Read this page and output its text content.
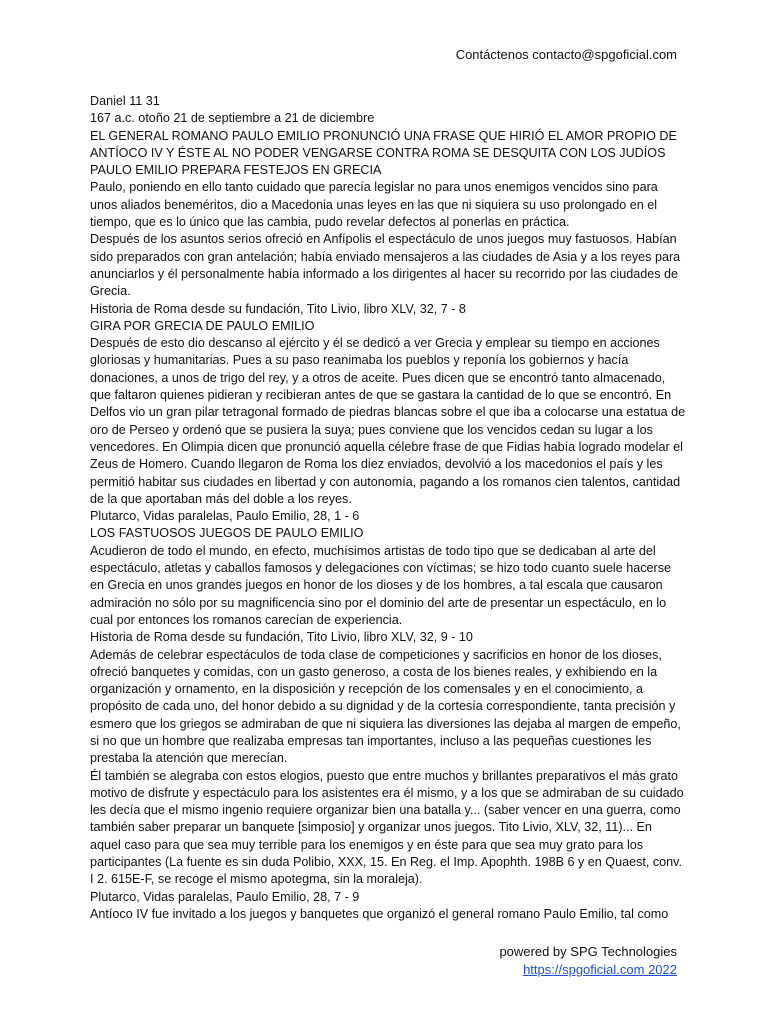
Contáctenos contacto@spgoficial.com

Daniel 11 31

167 a.c. otoño 21 de septiembre a 21 de diciembre

EL GENERAL ROMANO PAULO EMILIO PRONUNCIÓ UNA FRASE QUE HIRIÓ EL AMOR PROPIO DE ANTÍOCO IV Y ÉSTE AL NO PODER VENGARSE CONTRA ROMA SE DESQUITA CON LOS JUDÍOS

PAULO EMILIO PREPARA FESTEJOS EN GRECIA

Paulo, poniendo en ello tanto cuidado que parecía legislar no para unos enemigos vencidos sino para unos aliados beneméritos, dio a Macedonia unas leyes en las que ni siquiera su uso prolongado en el tiempo, que es lo único que las cambia, pudo revelar defectos al ponerlas en práctica.

Después de los asuntos serios ofreció en Anfípolis el espectáculo de unos juegos muy fastuosos. Habían sido preparados con gran antelación; había enviado mensajeros a las ciudades de Asia y a los reyes para anunciarlos y él personalmente había informado a los dirigentes al hacer su recorrido por las ciudades de Grecia.

Historia de Roma desde su fundación, Tito Livio, libro XLV, 32, 7 - 8

GIRA POR GRECIA DE PAULO EMILIO

Después de esto dio descanso al ejército y él se dedicó a ver Grecia y emplear su tiempo en acciones gloriosas y humanitarias. Pues a su paso reanimaba los pueblos y reponía los gobiernos y hacía donaciones, a unos de trigo del rey, y a otros de aceite. Pues dicen que se encontró tanto almacenado, que faltaron quienes pidieran y recibieran antes de que se gastara la cantidad de lo que se encontró. En Delfos vio un gran pilar tetragonal formado de piedras blancas sobre el que iba a colocarse una estatua de oro de Perseo y ordenó que se pusiera la suya; pues conviene que los vencidos cedan su lugar a los vencedores. En Olimpia dicen que pronunció aquella célebre frase de que Fidias había logrado modelar el Zeus de Homero. Cuando llegaron de Roma los diez enviados, devolvió a los macedonios el país y les permitió habitar sus ciudades en libertad y con autonomía, pagando a los romanos cien talentos, cantidad de la que aportaban más del doble a los reyes.

Plutarco, Vidas paralelas, Paulo Emilio, 28, 1 - 6

LOS FASTUOSOS JUEGOS DE PAULO EMILIO

Acudieron de todo el mundo, en efecto, muchísimos artistas de todo tipo que se dedicaban al arte del espectáculo, atletas y caballos famosos y delegaciones con víctimas; se hizo todo cuanto suele hacerse en Grecia en unos grandes juegos en honor de los dioses y de los hombres, a tal escala que causaron admiración no sólo por su magnificencia sino por el dominio del arte de presentar un espectáculo, en lo cual por entonces los romanos carecían de experiencia.

Historia de Roma desde su fundación, Tito Livio, libro XLV, 32, 9 - 10

Además de celebrar espectáculos de toda clase de competiciones y sacrificios en honor de los dioses, ofreció banquetes y comidas, con un gasto generoso, a costa de los bienes reales, y exhibiendo en la organización y ornamento, en la disposición y recepción de los comensales y en el conocimiento, a propósito de cada uno, del honor debido a su dignidad y de la cortesía correspondiente, tanta precisión y esmero que los griegos se admiraban de que ni siquiera las diversiones las dejaba al margen de empeño, si no que un hombre que realizaba empresas tan importantes, incluso a las pequeñas cuestiones les prestaba la atención que merecían.

Él también se alegraba con estos elogios, puesto que entre muchos y brillantes preparativos el más grato motivo de disfrute y espectáculo para los asistentes era él mismo, y a los que se admiraban de su cuidado les decía que el mismo ingenio requiere organizar bien una batalla y... (saber vencer en una guerra, como también saber preparar un banquete [simposio] y organizar unos juegos. Tito Livio, XLV, 32, 11)... En aquel caso para que sea muy terrible para los enemigos y en éste para que sea muy grato para los participantes (La fuente es sin duda Polibio, XXX, 15. En Reg. el Imp. Apophth. 198B 6 y en Quaest, conv. I 2. 615E-F, se recoge el mismo apotegma, sin la moraleja).

Plutarco, Vidas paralelas, Paulo Emilio, 28, 7 - 9

Antíoco IV fue invitado a los juegos y banquetes que organizó el general romano Paulo Emilio, tal como

powered by SPG Technologies
https://spgoficial.com 2022
